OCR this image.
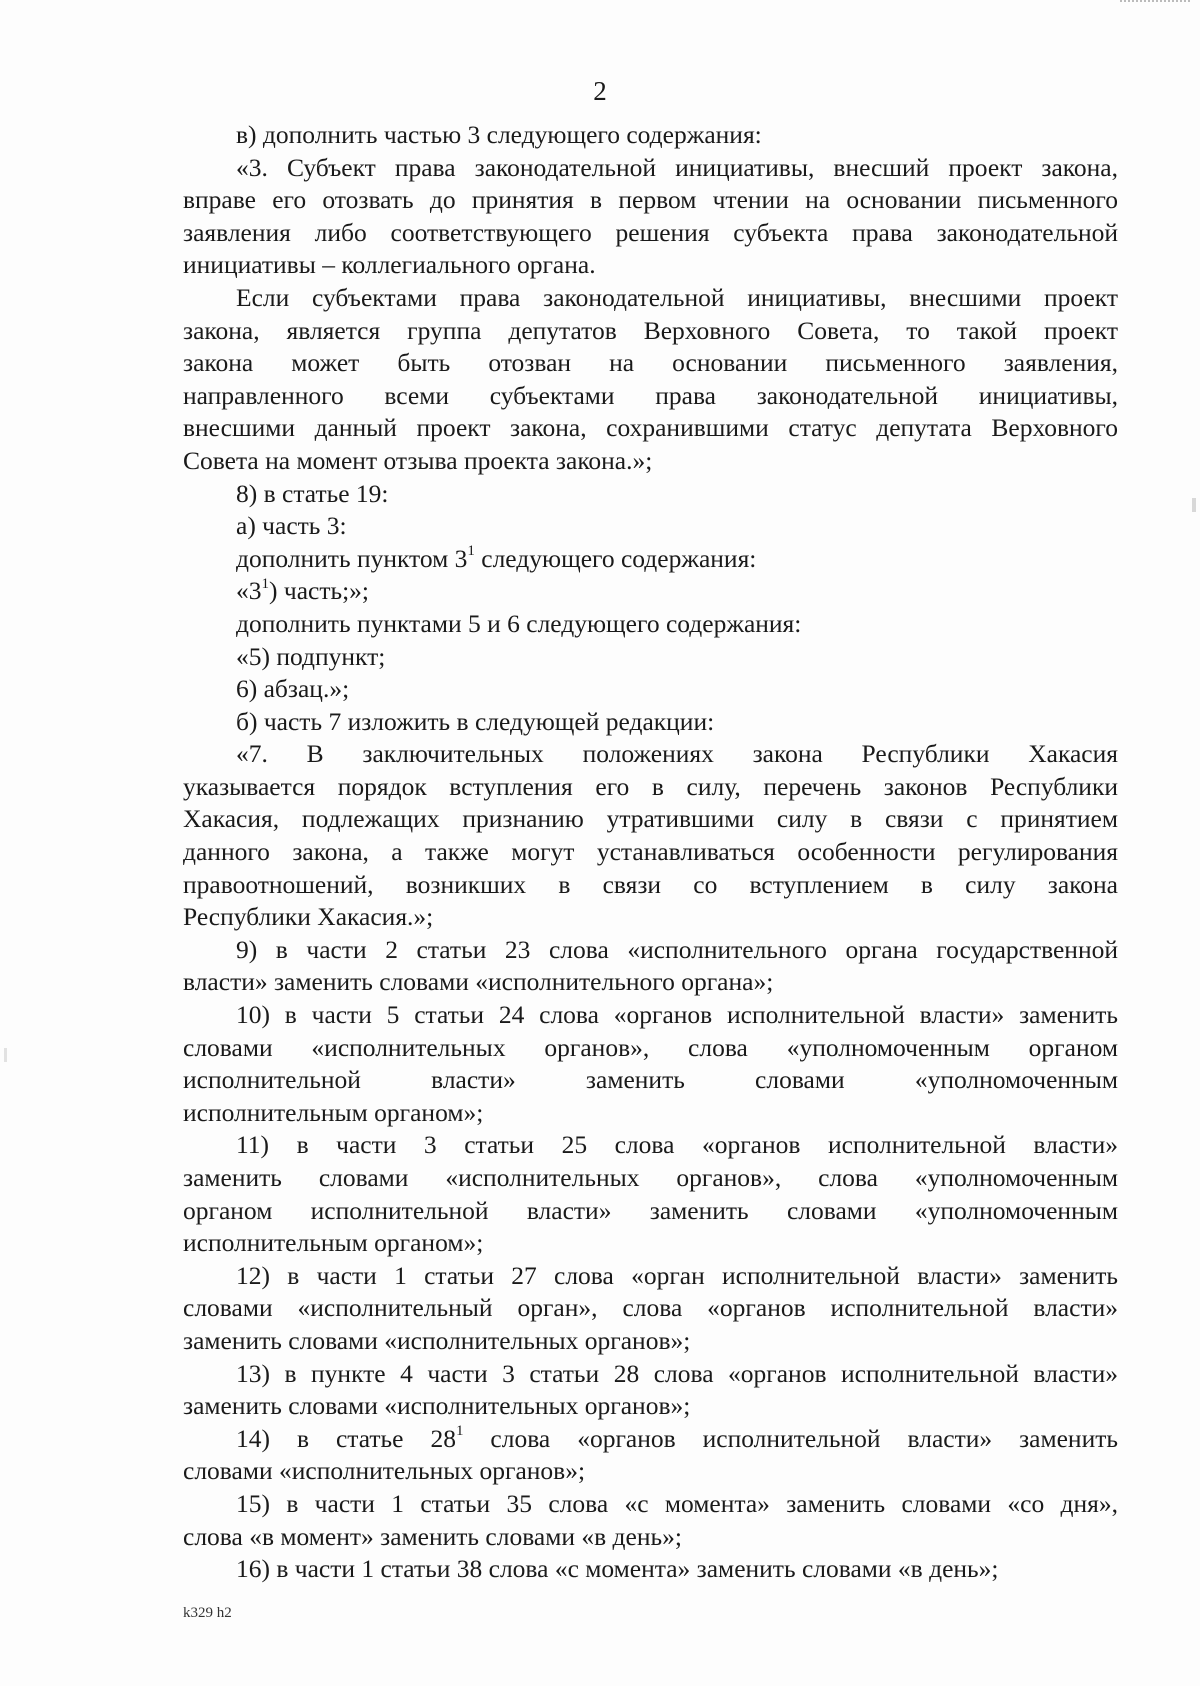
2
в) дополнить частью 3 следующего содержания:
«3. Субъект права законодательной инициативы, внесший проект закона,
вправе его отозвать до принятия в первом чтении на основании письменного
заявления либо соответствующего решения субъекта права законодательной
инициативы – коллегиального органа.
Если субъектами права законодательной инициативы, внесшими проект
закона, является группа депутатов Верховного Совета, то такой проект
закона может быть отозван на основании письменного заявления,
направленного всеми субъектами права законодательной инициативы,
внесшими данный проект закона, сохранившими статус депутата Верховного
Совета на момент отзыва проекта закона.»;
8) в статье 19:
а) часть 3:
дополнить пунктом $3^1$ следующего содержания:
«$3^1$) часть;»;
дополнить пунктами 5 и 6 следующего содержания:
«5) подпункт;
6) абзац.»;
б) часть 7 изложить в следующей редакции:
«7. В заключительных положениях закона Республики Хакасия
указывается порядок вступления его в силу, перечень законов Республики
Хакасия, подлежащих признанию утратившими силу в связи с принятием
данного закона, а также могут устанавливаться особенности регулирования
правоотношений, возникших в связи со вступлением в силу закона
Республики Хакасия.»;
9) в части 2 статьи 23 слова «исполнительного органа государственной
власти» заменить словами «исполнительного органа»;
10) в части 5 статьи 24 слова «органов исполнительной власти» заменить
словами «исполнительных органов», слова «уполномоченным органом
исполнительной власти» заменить словами «уполномоченным
исполнительным органом»;
11) в части 3 статьи 25 слова «органов исполнительной власти»
заменить словами «исполнительных органов», слова «уполномоченным
органом исполнительной власти» заменить словами «уполномоченным
исполнительным органом»;
12) в части 1 статьи 27 слова «орган исполнительной власти» заменить
словами «исполнительный орган», слова «органов исполнительной власти»
заменить словами «исполнительных органов»;
13) в пункте 4 части 3 статьи 28 слова «органов исполнительной власти»
заменить словами «исполнительных органов»;
14) в статье $28^1$ слова «органов исполнительной власти» заменить
словами «исполнительных органов»;
15) в части 1 статьи 35 слова «с момента» заменить словами «со дня»,
слова «в момент» заменить словами «в день»;
16) в части 1 статьи 38 слова «с момента» заменить словами «в день»;
k329 h2
